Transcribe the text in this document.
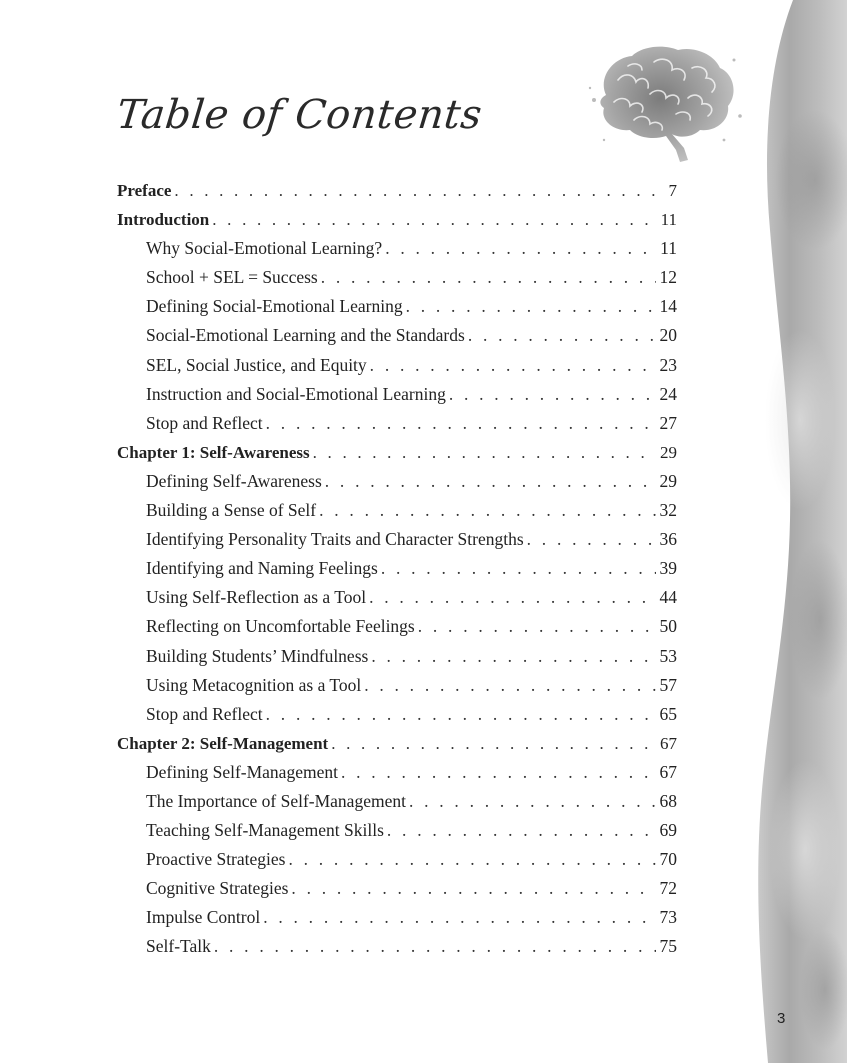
Table of Contents
Preface . . .	7
Introduction . . .	11
Why Social-Emotional Learning? . . .	11
School + SEL = Success . . .	12
Defining Social-Emotional Learning . . .	14
Social-Emotional Learning and the Standards . . .	20
SEL, Social Justice, and Equity . . .	23
Instruction and Social-Emotional Learning . . .	24
Stop and Reflect . . .	27
Chapter 1: Self-Awareness . . .	29
Defining Self-Awareness . . .	29
Building a Sense of Self . . .	32
Identifying Personality Traits and Character Strengths . . .	36
Identifying and Naming Feelings . . .	39
Using Self-Reflection as a Tool . . .	44
Reflecting on Uncomfortable Feelings . . .	50
Building Students’ Mindfulness . . .	53
Using Metacognition as a Tool . . .	57
Stop and Reflect . . .	65
Chapter 2: Self-Management . . .	67
Defining Self-Management . . .	67
The Importance of Self-Management . . .	68
Teaching Self-Management Skills . . .	69
Proactive Strategies . . .	70
Cognitive Strategies . . .	72
Impulse Control . . .	73
Self-Talk . . .	75
3
